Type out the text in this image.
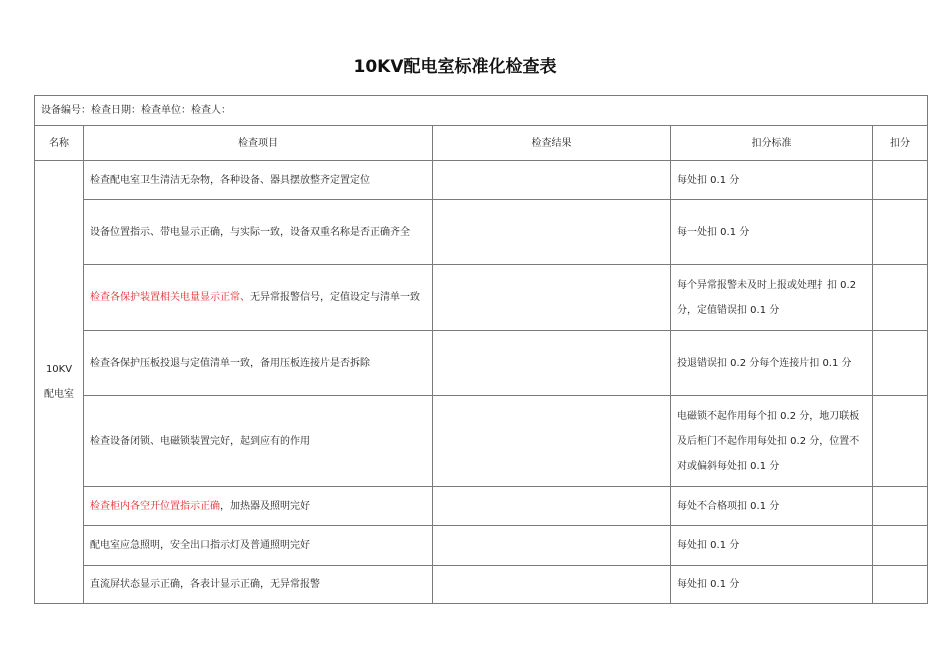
10KV配电室标准化检查表
设备编号：检查日期：检查单位：检查人：				
名称	检查项目	检查结果	扣分标准	扣分

10KV
配电室	检查配电室卫生清洁无杂物，各种设备、器具摆放整齐定置定位		每处扣 0.1 分	
	设备位置指示、带电显示正确，与实际一致，设备双重名称是否正确齐全		每一处扣 0.1 分	
	检查各保护装置相关电量显示正常、无异常报警信号，定值设定与清单一致		每个异常报警未及时上报或处理扌扣 0.2 分，定值错误扣 0.1 分	
	检查各保护压板投退与定值清单一致，备用压板连接片是否拆除		投退错误扣 0.2 分每个连接片扣 0.1 分	
	检查设备闭锁、电磁锁装置完好，起到应有的作用		电磁锁不起作用每个扣 0.2 分，地刀联板及后柜门不起作用每处扣 0.2 分，位置不对或偏斜每处扣 0.1 分	
	检查柜内各空开位置指示正确，加热器及照明完好		每处不合格项扣 0.1 分	
	配电室应急照明，安全出口指示灯及普通照明完好		每处扣 0.1 分	
	直流屏状态显示正确，各表计显示正确，无异常报警		每处扣 0.1 分	
